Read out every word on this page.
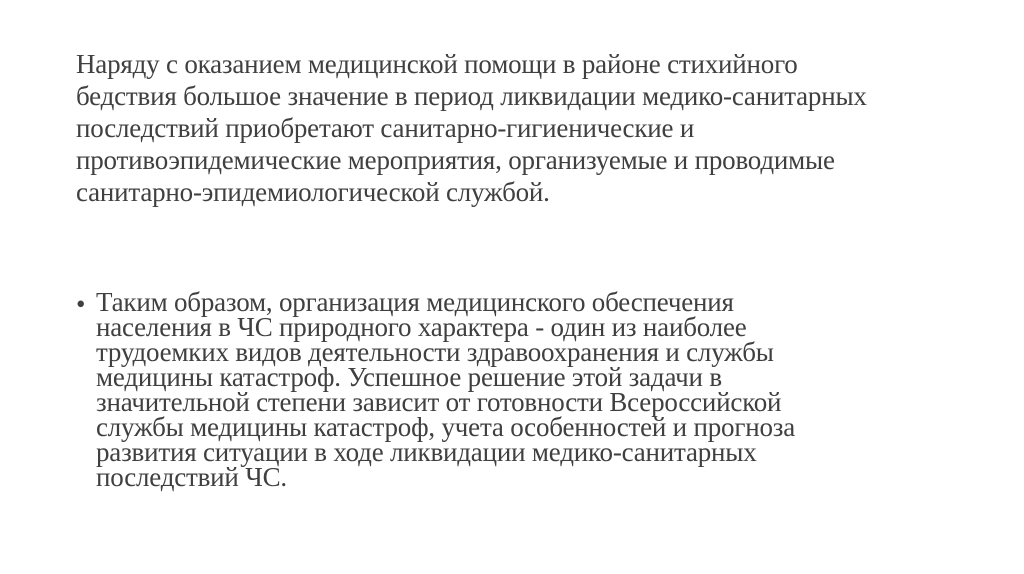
Наряду с оказанием медицинской помощи в районе стихийного
бедствия большое значение в период ликвидации медико-санитарных
последствий приобретают санитарно-гигиенические и
противоэпидемические мероприятия, организуемые и проводимые
санитарно-эпидемиологической службой.
• Таким образом, организация медицинского обеспечения
населения в ЧС природного характера - один из наиболее
трудоемких видов деятельности здравоохранения и службы
медицины катастроф. Успешное решение этой задачи в
значительной степени зависит от готовности Всероссийской
службы медицины катастроф, учета особенностей и прогноза
развития ситуации в ходе ликвидации медико-санитарных
последствий ЧС.
